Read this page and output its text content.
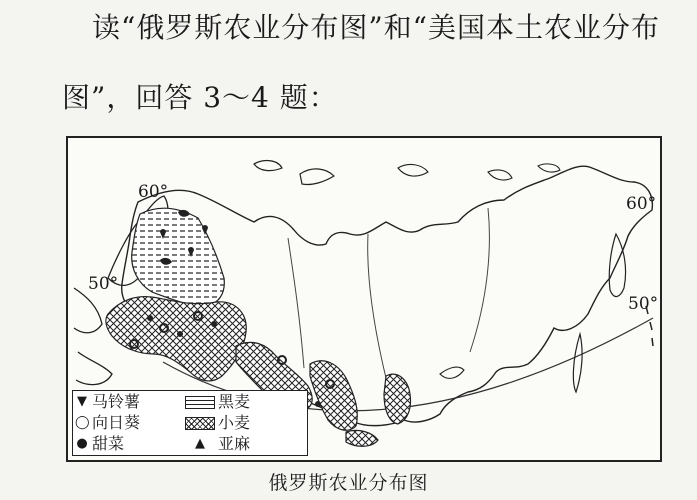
读“俄罗斯农业分布图”和“美国本土农业分布
图”，回答 3～4 题：
60°
50°
60°
50°
▼ 马铃薯	黑麦
◯ 向日葵	小麦
● 甜菜	▲ 亚麻
俄罗斯农业分布图
